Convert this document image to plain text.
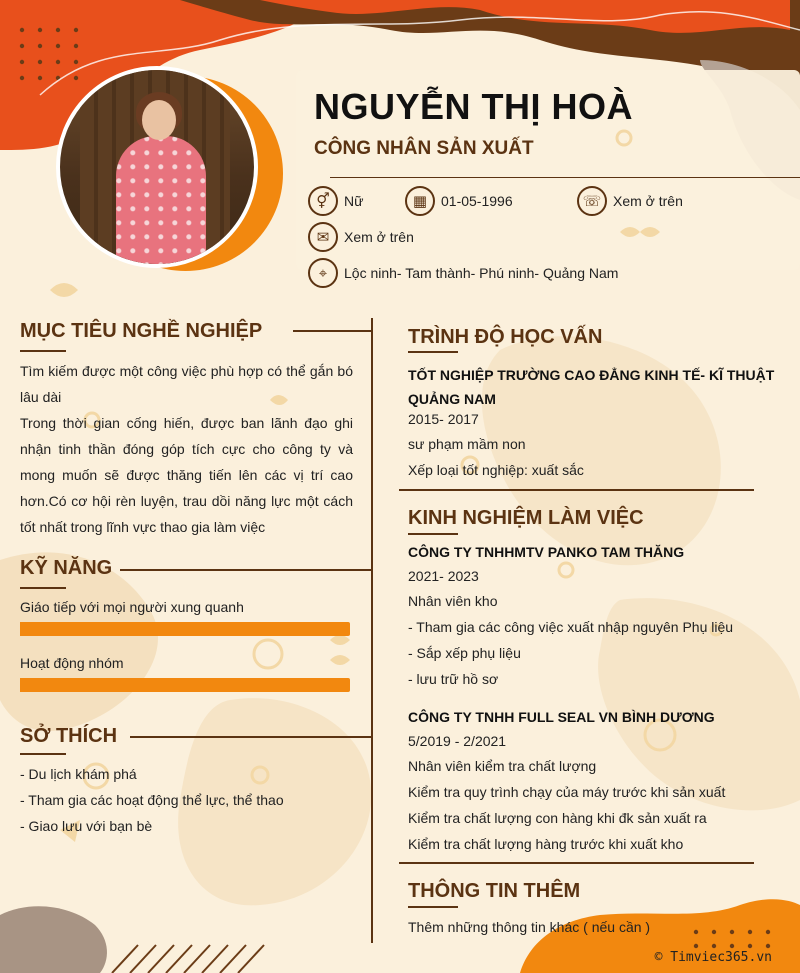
NGUYỄN THỊ HOÀ
CÔNG NHÂN SẢN XUẤT
⚥	Nữ	▦ 01-05-1996	☏ Xem ở trên
✉	Xem ở trên
⌖	Lộc ninh- Tam thành- Phú ninh- Quảng Nam
MỤC TIÊU NGHỀ NGHIỆP
Tìm kiếm được một công việc phù hợp có thể gắn bó lâu dài
Trong thời gian cống hiến, được ban lãnh đạo ghi nhận tinh thần đóng góp tích cực cho công ty và mong muốn sẽ được thăng tiến lên các vị trí cao hơn.Có cơ hội rèn luyện, trau dồi năng lực một cách tốt nhất trong lĩnh vực thao gia làm việc
KỸ NĂNG
Giáo tiếp với mọi người xung quanh
Hoạt động nhóm
SỞ THÍCH
- Du lịch khám phá
- Tham gia các hoạt động thể lực, thể thao
- Giao lưu với bạn bè
TRÌNH ĐỘ HỌC VẤN
TỐT NGHIỆP TRƯỜNG CAO ĐẲNG KINH TẾ- KĨ THUẬT
QUẢNG NAM
2015- 2017
sư phạm mầm non
Xếp loại tốt nghiệp: xuất sắc
KINH NGHIỆM LÀM VIỆC
CÔNG TY TNHHMTV PANKO TAM THĂNG
2021- 2023
Nhân viên kho
- Tham gia các công việc xuất nhập nguyên Phụ liệu
- Sắp xếp phụ liệu
- lưu trữ hồ sơ
CÔNG TY TNHH FULL SEAL VN BÌNH DƯƠNG
5/2019 - 2/2021
Nhân viên kiểm tra chất lượng
Kiểm tra quy trình chạy của máy trước khi sản xuất
Kiểm tra chất lượng con hàng khi đk sản xuất ra
Kiểm tra chất lượng hàng trước khi xuất kho
THÔNG TIN THÊM
Thêm những thông tin khác ( nếu cần )
© Timviec365.vn
